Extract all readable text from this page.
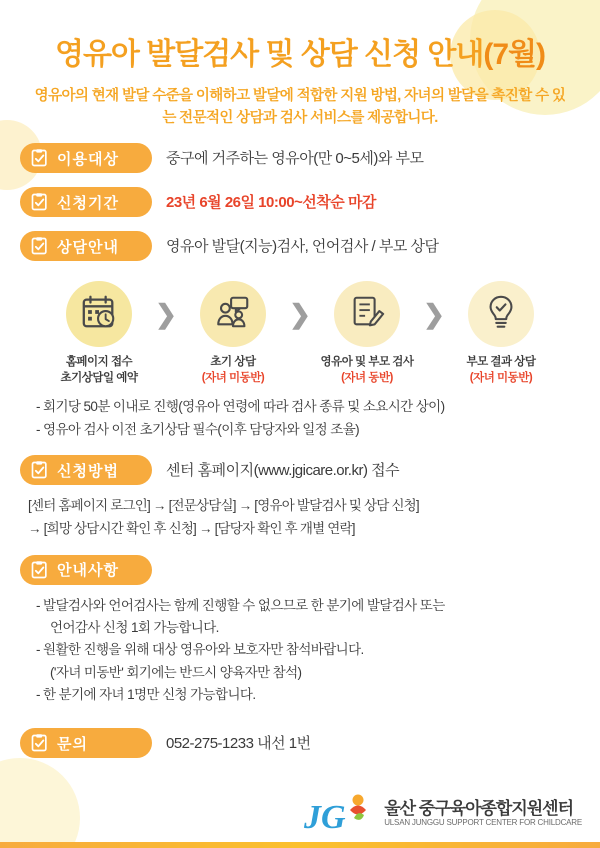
영유아 발달검사 및 상담 신청 안내(7월)
영유아의 현재 발달 수준을 이해하고 발달에 적합한 지원 방법, 자녀의 발달을 촉진할 수 있는 전문적인 상담과 검사 서비스를 제공합니다.
이용대상	중구에 거주하는 영유아(만 0~5세)와 부모
신청기간	23년 6월 26일 10:00~선착순 마감
상담안내	영유아 발달(지능)검사, 언어검사 / 부모 상담
홈페이지 접수
초기상담일 예약
❯
초기 상담
(자녀 미동반)
❯
영유아 및 부모 검사
(자녀 동반)
❯
부모 결과 상담
(자녀 미동반)
- 회기당 50분 이내로 진행(영유아 연령에 따라 검사 종류 및 소요시간 상이)
- 영유아 검사 이전 초기상담 필수(이후 담당자와 일정 조율)
신청방법	센터 홈페이지(www.jgicare.or.kr) 접수
[센터 홈페이지 로그인] → [전문상담실] → [영유아 발달검사 및 상담 신청]
→ [희망 상담시간 확인 후 신청] → [담당자 확인 후 개별 연락]
안내사항
- 발달검사와 언어검사는 함께 진행할 수 없으므로 한 분기에 발달검사 또는
언어감사 신청 1회 가능합니다.
- 원활한 진행을 위해 대상 영유아와 보호자만 참석바랍니다.
('자녀 미동반' 회기에는 반드시 양육자만 참석)
- 한 분기에 자녀 1명만 신청 가능합니다.
문의	052-275-1233 내선 1번
JG 울산 중구육아종합지원센터
ULSAN JUNGGU SUPPORT CENTER FOR CHILDCARE
